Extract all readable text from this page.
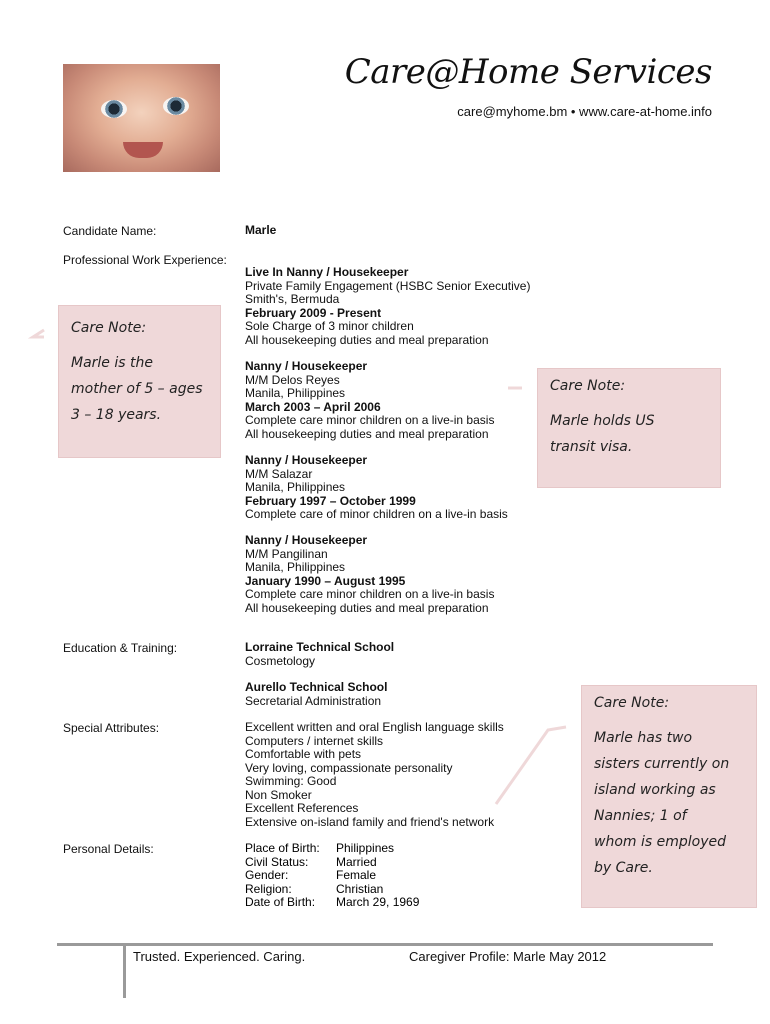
Care@Home Services
care@myhome.bm • www.care-at-home.info
Candidate Name:	Marle
Professional Work Experience:
Live In Nanny / Housekeeper
Private Family Engagement (HSBC Senior Executive)
Smith's, Bermuda
February 2009 - Present
Sole Charge of 3 minor children
All housekeeping duties and meal preparation
Nanny / Housekeeper
M/M Delos Reyes
Manila, Philippines
March 2003 – April 2006
Complete care minor children on a live-in basis
All housekeeping duties and meal preparation
Nanny / Housekeeper
M/M Salazar
Manila, Philippines
February 1997 – October 1999
Complete care of minor children on a live-in basis
Nanny / Housekeeper
M/M Pangilinan
Manila, Philippines
January 1990 – August 1995
Complete care minor children on a live-in basis
All housekeeping duties and meal preparation
Education & Training:	Lorraine Technical School
Cosmetology
Aurello Technical School
Secretarial Administration
Special Attributes:	Excellent written and oral English language skills
Computers / internet skills
Comfortable with pets
Very loving, compassionate personality
Swimming: Good
Non Smoker
Excellent References
Extensive on-island family and friend's network
Personal Details:	Place of Birth:	Philippines
Civil Status:	Married
Gender:	Female
Religion:	Christian
Date of Birth:	March 29, 1969
Care Note:
Marle is the
mother of 5 – ages
3 – 18 years.
Care Note:
Marle holds US
transit visa.
Care Note:
Marle has two
sisters currently on
island working as
Nannies; 1 of
whom is employed
by Care.
Trusted. Experienced. Caring.	Caregiver Profile: Marle May 2012
